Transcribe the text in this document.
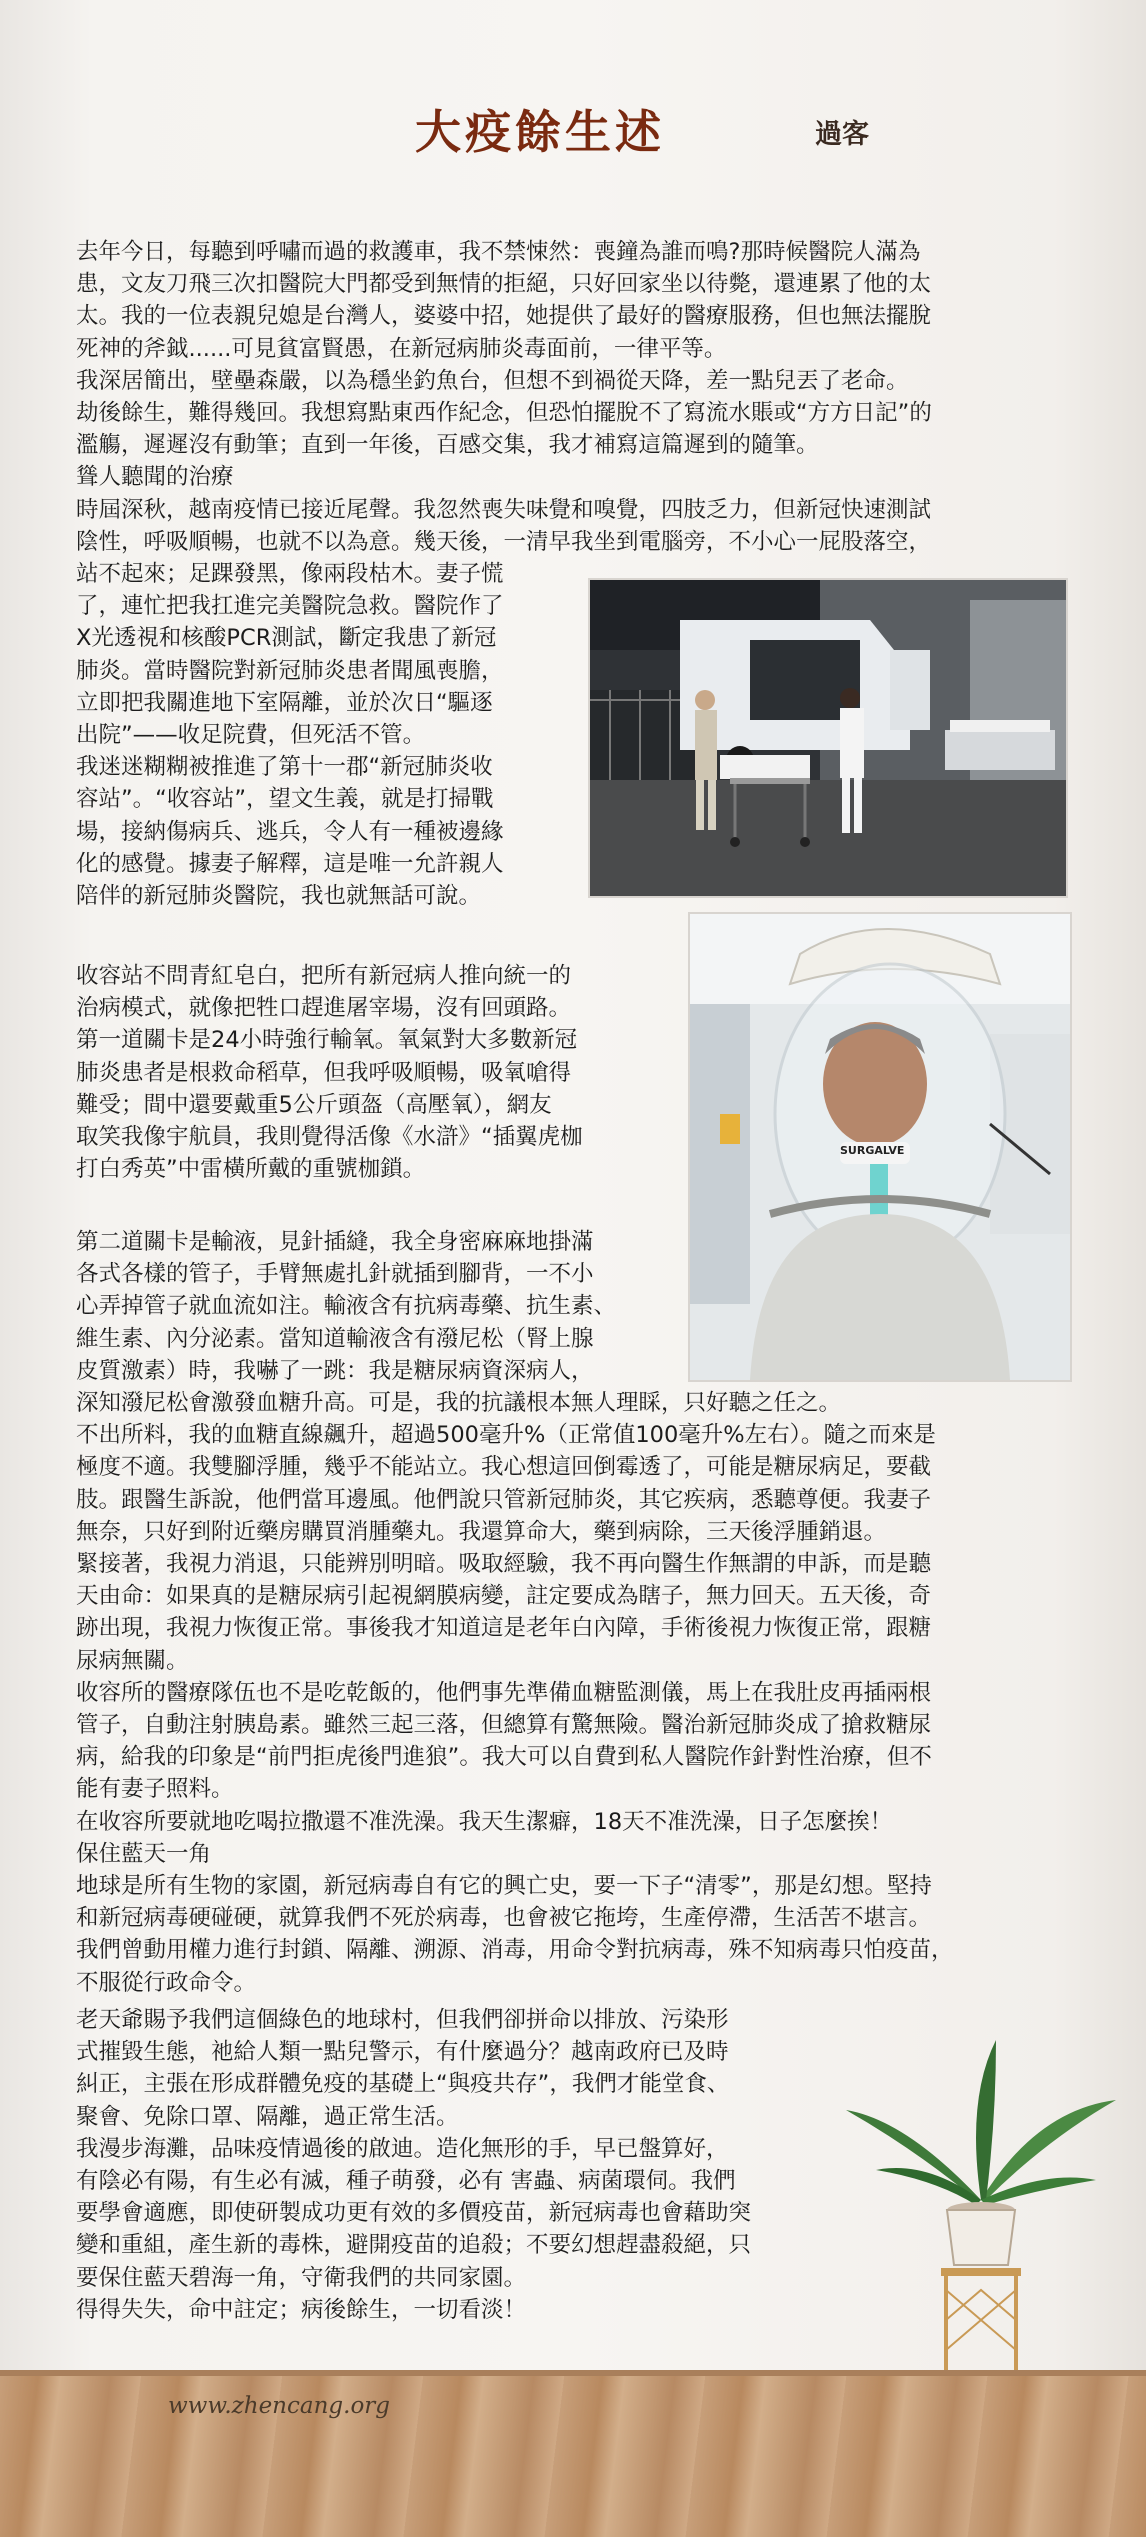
大疫餘生述	過客

去年今日，每聽到呼嘯而過的救護車，我不禁悚然：喪鐘為誰而鳴?那時候醫院人滿為

患，文友刀飛三次扣醫院大門都受到無情的拒絕，只好回家坐以待斃，還連累了他的太

太。我的一位表親兒媳是台灣人，婆婆中招，她提供了最好的醫療服務，但也無法擺脫

死神的斧鉞......可見貧富賢愚，在新冠病肺炎毒面前，一律平等。

我深居簡出，壁壘森嚴，以為穩坐釣魚台，但想不到禍從天降，差一點兒丟了老命。

劫後餘生，難得幾回。我想寫點東西作紀念，但恐怕擺脫不了寫流水賬或“方方日記”的

濫觴，遲遲沒有動筆；直到一年後，百感交集，我才補寫這篇遲到的隨筆。

聳人聽聞的治療

時屆深秋，越南疫情已接近尾聲。我忽然喪失味覺和嗅覺，四肢乏力，但新冠快速測試

陰性，呼吸順暢，也就不以為意。幾天後，一清早我坐到電腦旁，不小心一屁股落空，

站不起來；足踝發黑，像兩段枯木。妻子慌

了，連忙把我扛進完美醫院急救。醫院作了

X光透視和核酸PCR測試，斷定我患了新冠

肺炎。當時醫院對新冠肺炎患者聞風喪膽，

立即把我關進地下室隔離，並於次日“驅逐

出院”——收足院費，但死活不管。

我迷迷糊糊被推進了第十一郡“新冠肺炎收

容站”。“收容站”，望文生義，就是打掃戰

場，接納傷病兵、逃兵，令人有一種被邊緣

化的感覺。據妻子解釋，這是唯一允許親人

陪伴的新冠肺炎醫院，我也就無話可說。

收容站不問青紅皂白，把所有新冠病人推向統一的

治病模式，就像把牲口趕進屠宰場，沒有回頭路。

第一道關卡是24小時強行輸氧。氧氣對大多數新冠

肺炎患者是根救命稻草，但我呼吸順暢，吸氧嗆得

難受；間中還要戴重5公斤頭盔（高壓氧），網友

取笑我像宇航員，我則覺得活像《水滸》“插翼虎枷

打白秀英”中雷橫所戴的重號枷鎖。

第二道關卡是輸液，見針插縫，我全身密麻麻地掛滿

各式各樣的管子，手臂無處扎針就插到腳背，一不小

心弄掉管子就血流如注。輸液含有抗病毒藥、抗生素、

維生素、內分泌素。當知道輸液含有潑尼松（腎上腺

皮質激素）時，我嚇了一跳：我是糖尿病資深病人，

深知潑尼松會激發血糖升高。可是，我的抗議根本無人理睬，只好聽之任之。

不出所料，我的血糖直線飆升，超過500毫升%（正常值100毫升%左右）。隨之而來是

極度不適。我雙腳浮腫，幾乎不能站立。我心想這回倒霉透了，可能是糖尿病足，要截

肢。跟醫生訴說，他們當耳邊風。他們說只管新冠肺炎，其它疾病，悉聽尊便。我妻子

無奈，只好到附近藥房購買消腫藥丸。我還算命大，藥到病除，三天後浮腫銷退。

緊接著，我視力消退，只能辨別明暗。吸取經驗，我不再向醫生作無謂的申訴，而是聽

天由命：如果真的是糖尿病引起視網膜病變，註定要成為瞎子，無力回天。五天後，奇

跡出現，我視力恢復正常。事後我才知道這是老年白內障，手術後視力恢復正常，跟糖

尿病無關。

收容所的醫療隊伍也不是吃乾飯的，他們事先準備血糖監測儀，馬上在我肚皮再插兩根

管子，自動注射胰島素。雖然三起三落，但總算有驚無險。醫治新冠肺炎成了搶救糖尿

病，給我的印象是“前門拒虎後門進狼”。我大可以自費到私人醫院作針對性治療，但不

能有妻子照料。

在收容所要就地吃喝拉撒還不准洗澡。我天生潔癖，18天不准洗澡，日子怎麼挨！

保住藍天一角

地球是所有生物的家園，新冠病毒自有它的興亡史，要一下子“清零”，那是幻想。堅持

和新冠病毒硬碰硬，就算我們不死於病毒，也會被它拖垮，生產停滯，生活苦不堪言。

我們曾動用權力進行封鎖、隔離、溯源、消毒，用命令對抗病毒，殊不知病毒只怕疫苗，

不服從行政命令。

老天爺賜予我們這個綠色的地球村，但我們卻拼命以排放、污染形

式摧毀生態，祂給人類一點兒警示，有什麼過分？越南政府已及時

糾正，主張在形成群體免疫的基礎上“與疫共存”，我們才能堂食、

聚會、免除口罩、隔離，過正常生活。

我漫步海灘，品味疫情過後的啟迪。造化無形的手，早已盤算好，

有陰必有陽，有生必有滅，種子萌發，必有 害蟲、病菌環伺。我們

要學會適應，即使研製成功更有效的多價疫苗，新冠病毒也會藉助突

變和重組，產生新的毒株，避開疫苗的追殺；不要幻想趕盡殺絕，只

要保住藍天碧海一角，守衛我們的共同家園。

得得失失，命中註定；病後餘生，一切看淡！

SURGALVE
www.zhencang.org
